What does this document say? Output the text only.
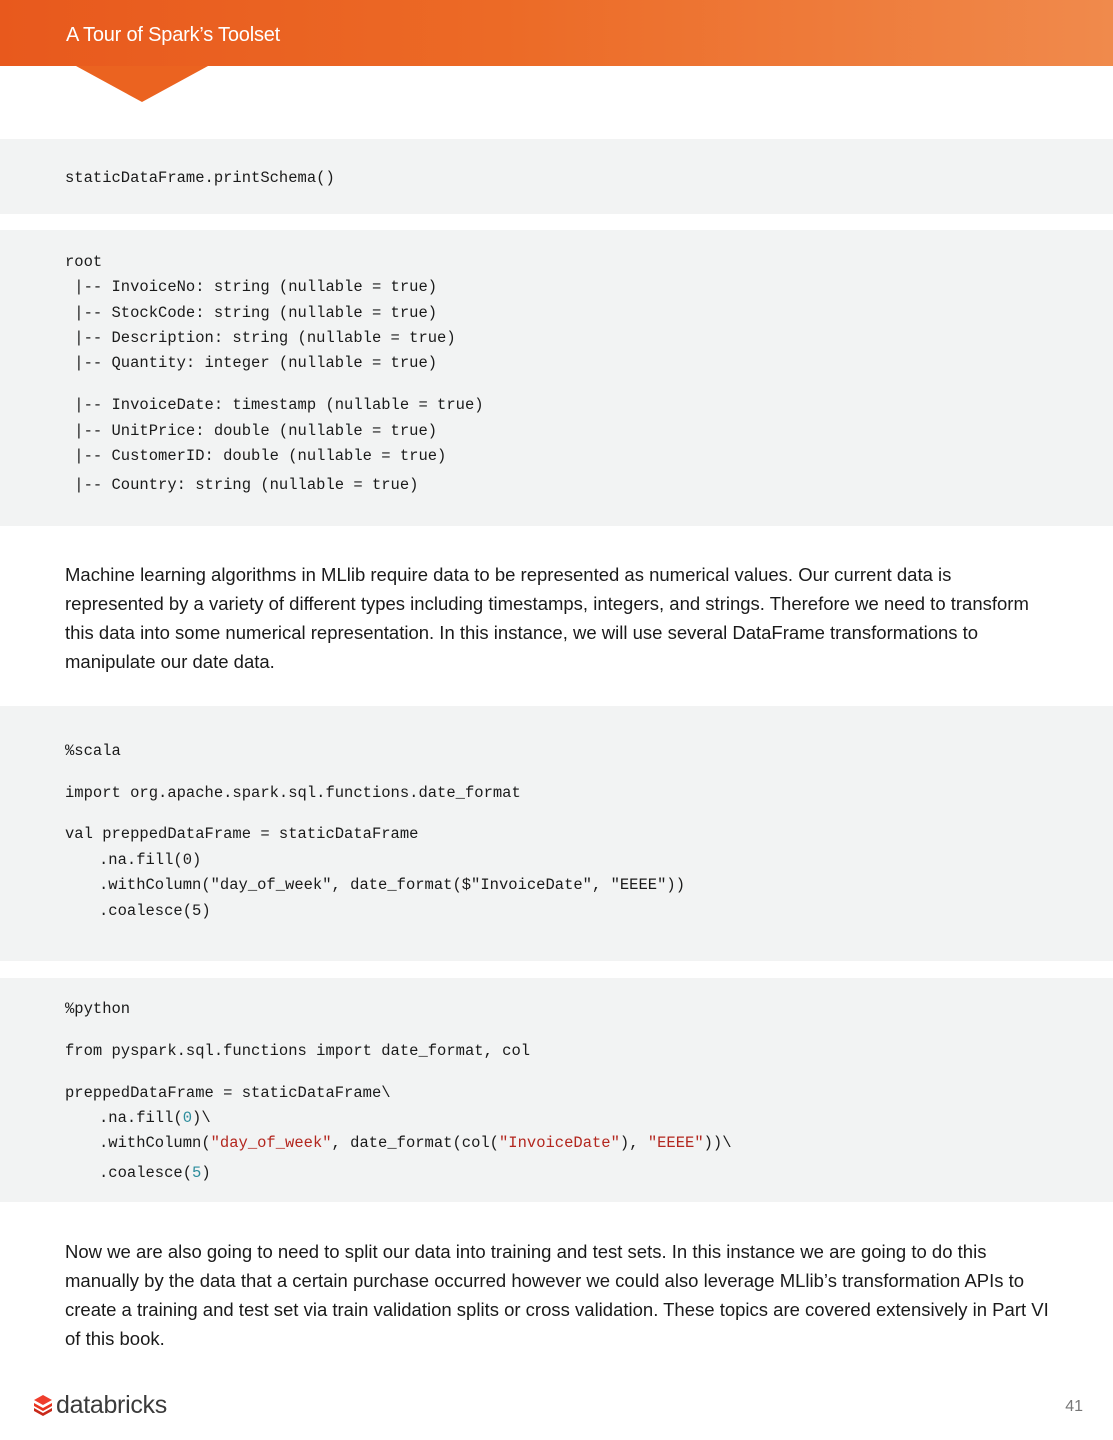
A Tour of Spark’s Toolset

staticDataFrame.printSchema()

root

|-- InvoiceNo: string (nullable = true)

|-- StockCode: string (nullable = true)

|-- Description: string (nullable = true)

|-- Quantity: integer (nullable = true)

|-- InvoiceDate: timestamp (nullable = true)

|-- UnitPrice: double (nullable = true)

|-- CustomerID: double (nullable = true)

|-- Country: string (nullable = true)

Machine learning algorithms in MLlib require data to be represented as numerical values. Our current data is represented by a variety of different types including timestamps, integers, and strings. Therefore we need to transform this data into some numerical representation. In this instance, we will use several DataFrame transformations to manipulate our date data.

%scala

import org.apache.spark.sql.functions.date_format

val preppedDataFrame = staticDataFrame

.na.fill(0)

.withColumn("day_of_week", date_format($"InvoiceDate", "EEEE"))

.coalesce(5)

%python

from pyspark.sql.functions import date_format, col

preppedDataFrame = staticDataFrame\

.na.fill(0)\

.withColumn("day_of_week", date_format(col("InvoiceDate"), "EEEE"))\

.coalesce(5)

Now we are also going to need to split our data into training and test sets. In this instance we are going to do this manually by the data that a certain purchase occurred however we could also leverage MLlib’s transformation APIs to create a training and test set via train validation splits or cross validation. These topics are covered extensively in Part VI of this book.

databricks	41
